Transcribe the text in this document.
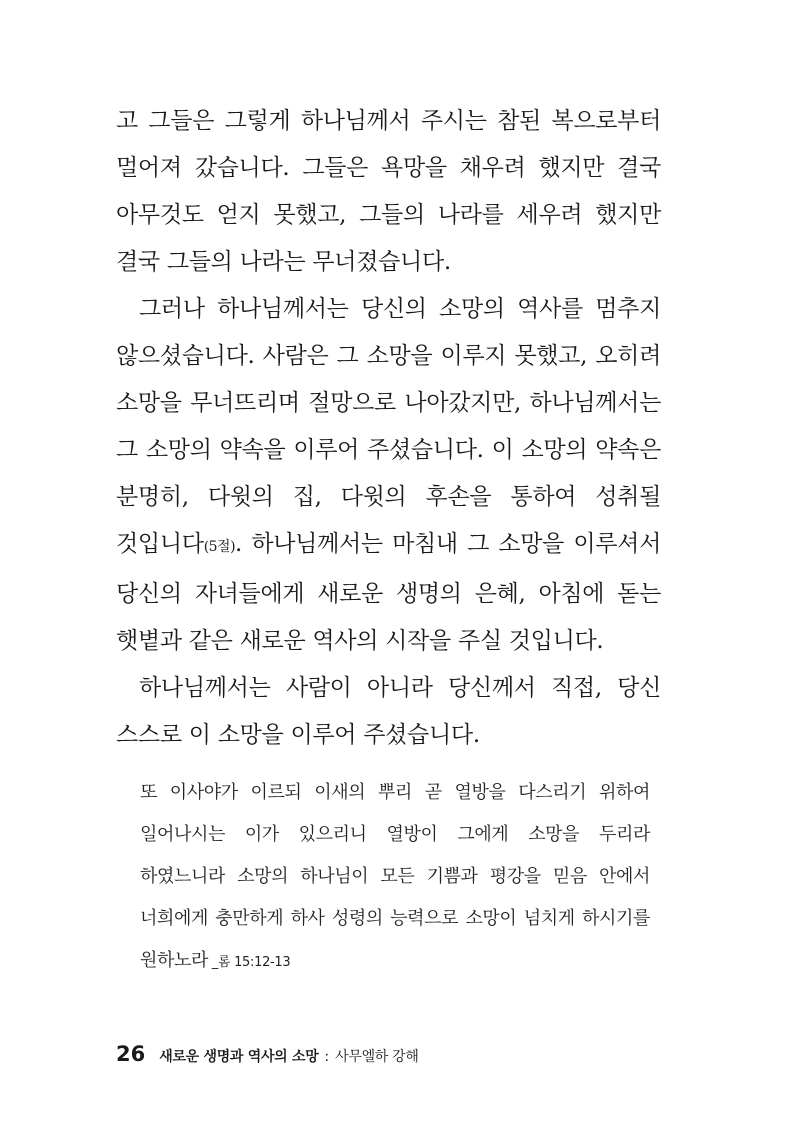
고 그들은 그렇게 하나님께서 주시는 참된 복으로부터 멀어져 갔습니다. 그들은 욕망을 채우려 했지만 결국 아무것도 얻지 못했고, 그들의 나라를 세우려 했지만 결국 그들의 나라는 무너졌습니다.

그러나 하나님께서는 당신의 소망의 역사를 멈추지 않으셨습니다. 사람은 그 소망을 이루지 못했고, 오히려 소망을 무너뜨리며 절망으로 나아갔지만, 하나님께서는 그 소망의 약속을 이루어 주셨습니다. 이 소망의 약속은 분명히, 다윗의 집, 다윗의 후손을 통하여 성취될 것입니다(5절). 하나님께서는 마침내 그 소망을 이루셔서 당신의 자녀들에게 새로운 생명의 은혜, 아침에 돋는 햇볕과 같은 새로운 역사의 시작을 주실 것입니다.

하나님께서는 사람이 아니라 당신께서 직접, 당신 스스로 이 소망을 이루어 주셨습니다.

또 이사야가 이르되 이새의 뿌리 곧 열방을 다스리기 위하여 일어나시는 이가 있으리니 열방이 그에게 소망을 두리라 하였느니라 소망의 하나님이 모든 기쁨과 평강을 믿음 안에서 너희에게 충만하게 하사 성령의 능력으로 소망이 넘치게 하시기를 원하노라 _롬 15:12-13
26 새로운 생명과 역사의 소망 : 사무엘하 강해
